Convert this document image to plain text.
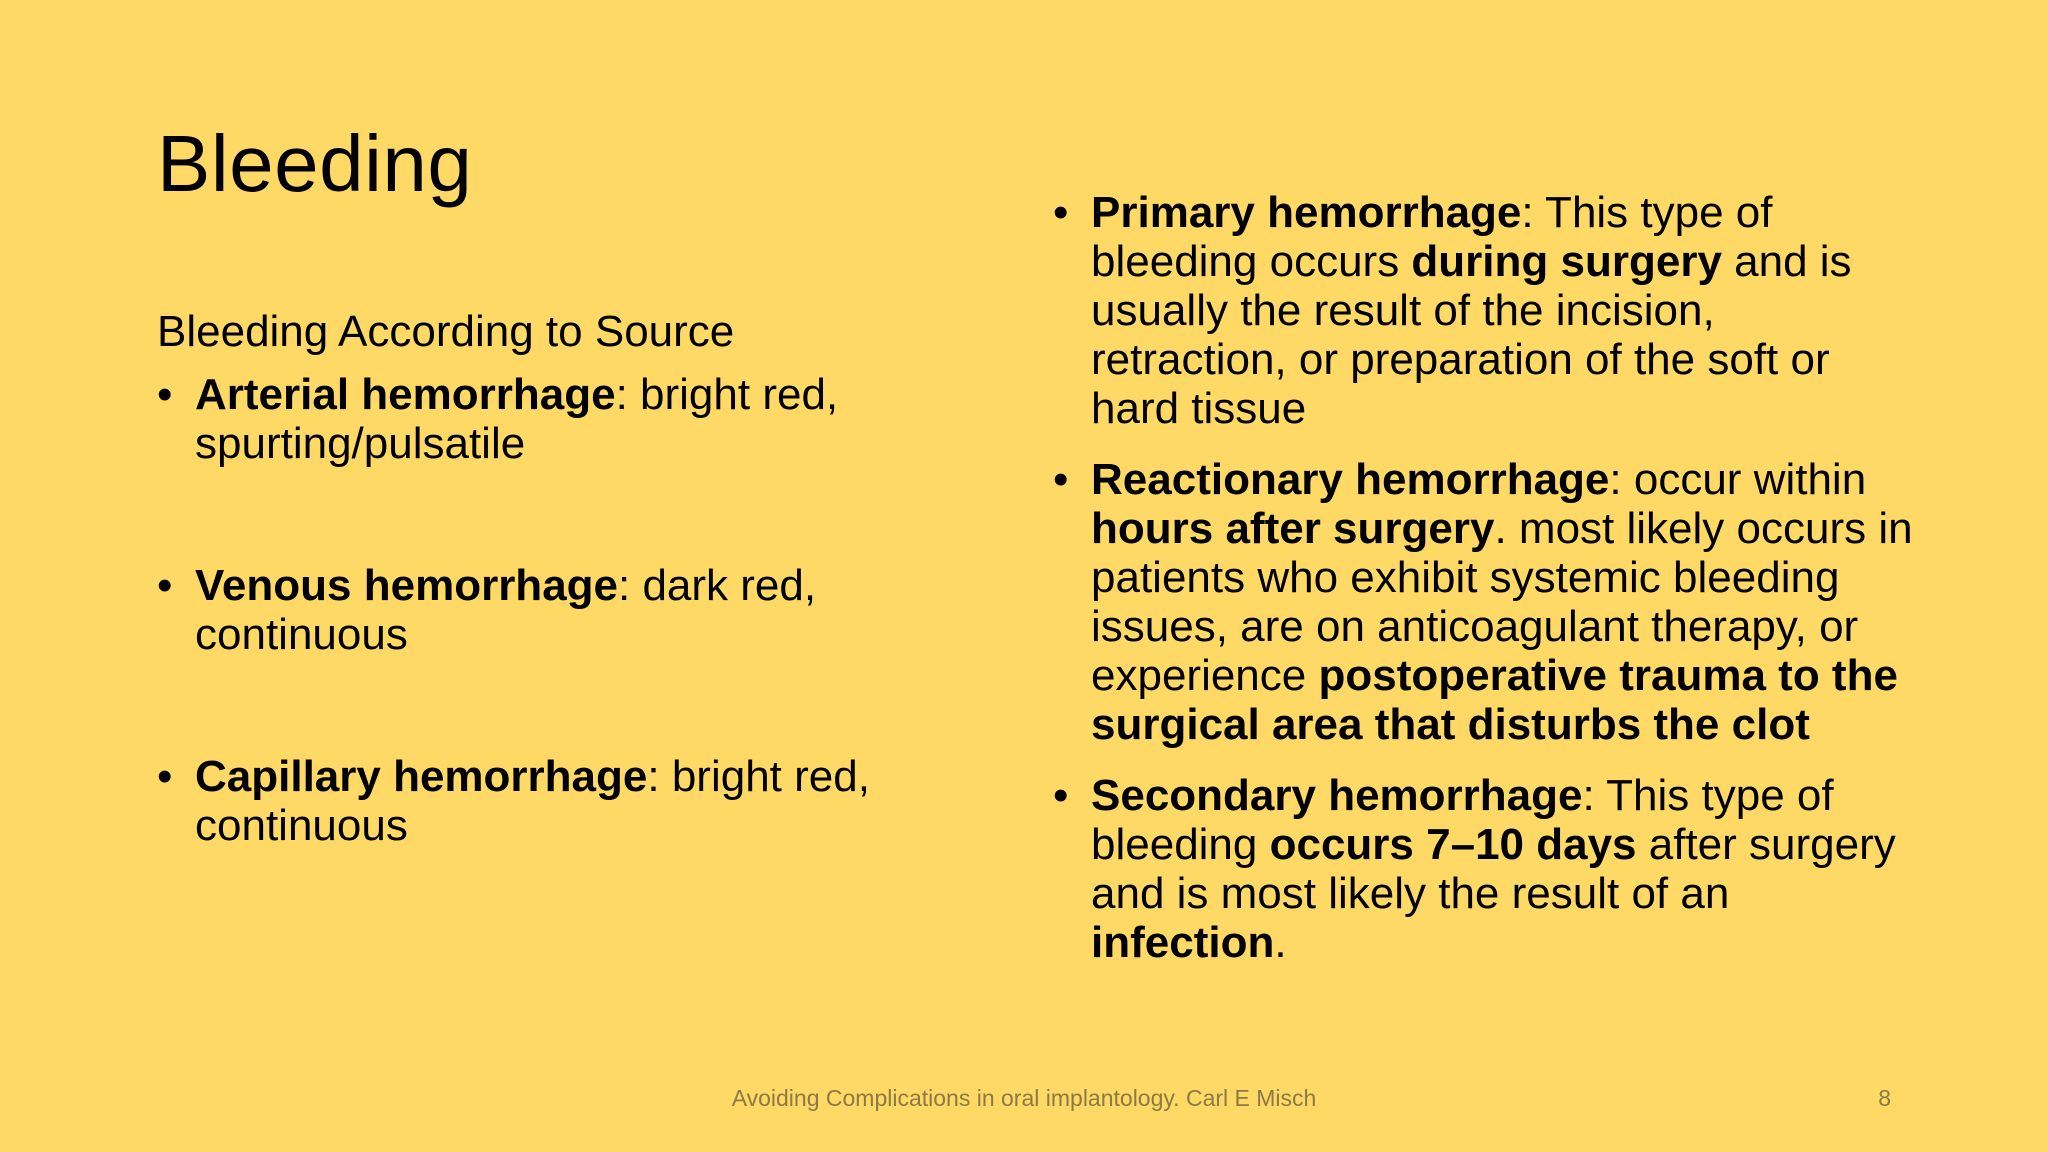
Bleeding

Bleeding According to Source

• Arterial hemorrhage: bright red, spurting/pulsatile
• Venous hemorrhage: dark red, continuous
• Capillary hemorrhage: bright red, continuous
• Primary hemorrhage: This type of bleeding occurs during surgery and is usually the result of the incision, retraction, or preparation of the soft or hard tissue
• Reactionary hemorrhage: occur within hours after surgery. most likely occurs in patients who exhibit systemic bleeding issues, are on anticoagulant therapy, or experience postoperative trauma to the surgical area that disturbs the clot
• Secondary hemorrhage: This type of bleeding occurs 7–10 days after surgery and is most likely the result of an infection.
Avoiding Complications in oral implantology. Carl E Misch	8
